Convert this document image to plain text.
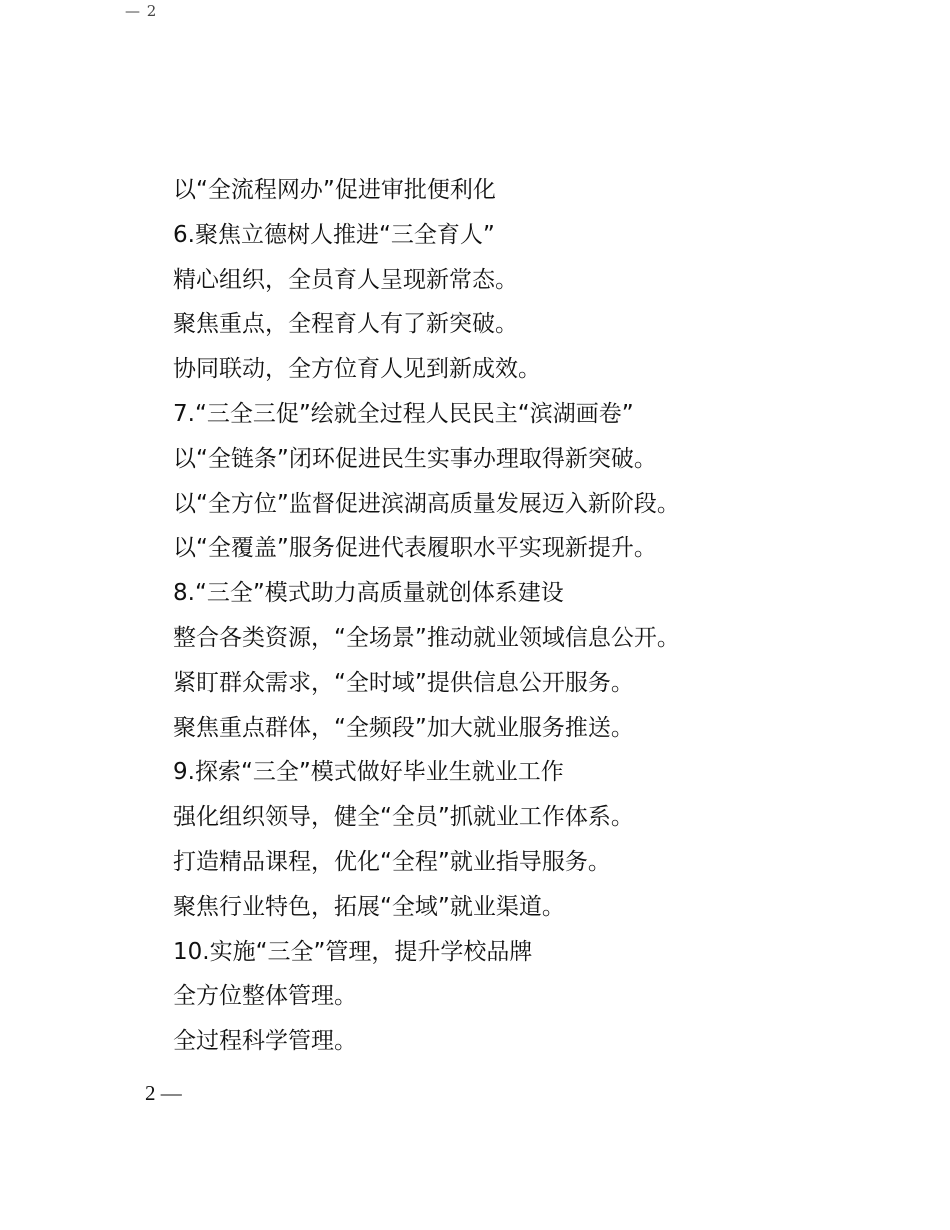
— 2
以“全流程网办”促进审批便利化
6.聚焦立德树人推进“三全育人”
精心组织，全员育人呈现新常态。
聚焦重点，全程育人有了新突破。
协同联动，全方位育人见到新成效。
7.“三全三促”绘就全过程人民民主“滨湖画卷”
以“全链条”闭环促进民生实事办理取得新突破。
以“全方位”监督促进滨湖高质量发展迈入新阶段。
以“全覆盖”服务促进代表履职水平实现新提升。
8.“三全”模式助力高质量就创体系建设
整合各类资源，“全场景”推动就业领域信息公开。
紧盯群众需求，“全时域”提供信息公开服务。
聚焦重点群体，“全频段”加大就业服务推送。
9.探索“三全”模式做好毕业生就业工作
强化组织领导，健全“全员”抓就业工作体系。
打造精品课程，优化“全程”就业指导服务。
聚焦行业特色，拓展“全域”就业渠道。
10.实施“三全”管理，提升学校品牌
全方位整体管理。
全过程科学管理。
2 —
